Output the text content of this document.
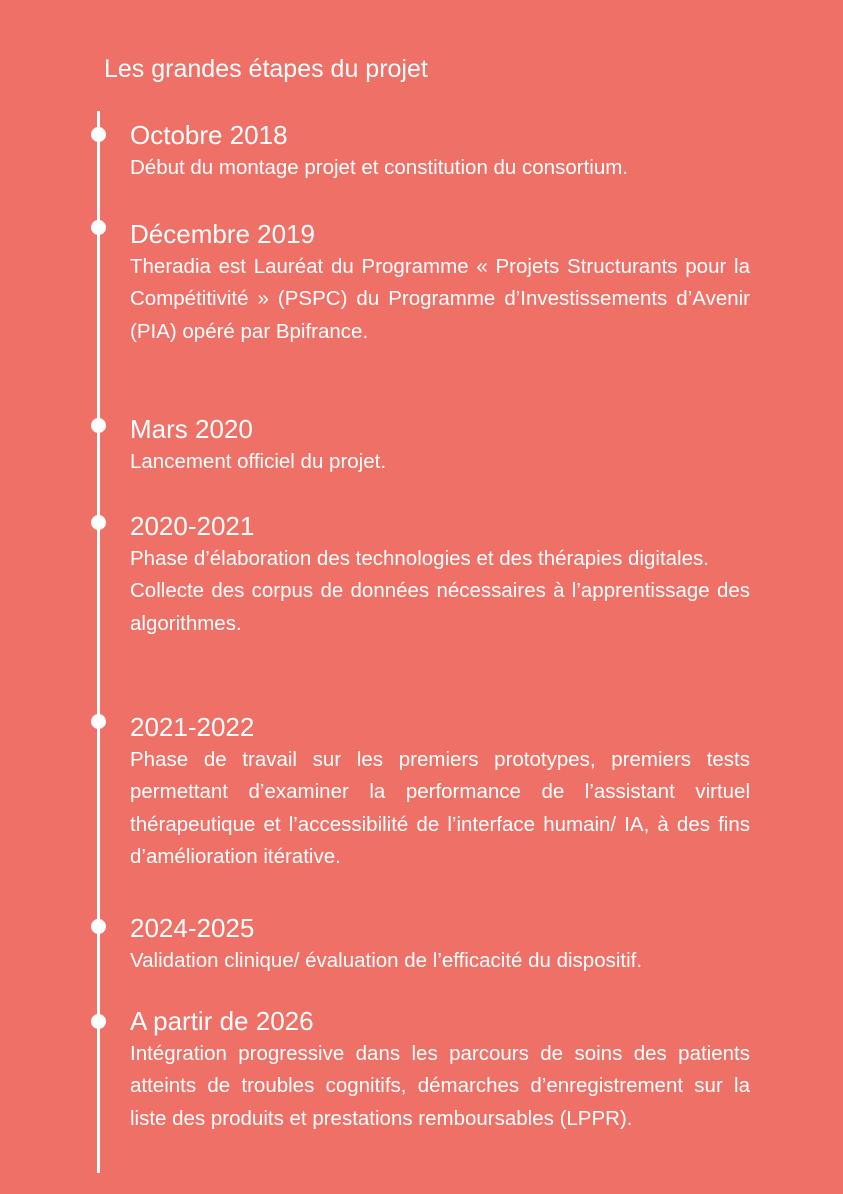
Les grandes étapes du projet
Octobre 2018

Début du montage projet et constitution du consortium.

Décembre 2019

Theradia est Lauréat du Programme « Projets Structurants pour la Compétitivité » (PSPC) du Programme d’Investissements d’Avenir (PIA) opéré par Bpifrance.

Mars 2020

Lancement officiel du projet.

2020-2021

Phase d’élaboration des technologies et des thérapies digitales.

Collecte des corpus de données nécessaires à l’apprentissage des algorithmes.

2021-2022

Phase de travail sur les premiers prototypes, premiers tests permettant d’examiner la performance de l’assistant virtuel thérapeutique et l’accessibilité de l’interface humain/ IA, à des fins d’amélioration itérative.

2024-2025

Validation clinique/ évaluation de l’efficacité du dispositif.

A partir de 2026

Intégration progressive dans les parcours de soins des patients atteints de troubles cognitifs, démarches d’enregistrement sur la liste des produits et prestations remboursables (LPPR).
